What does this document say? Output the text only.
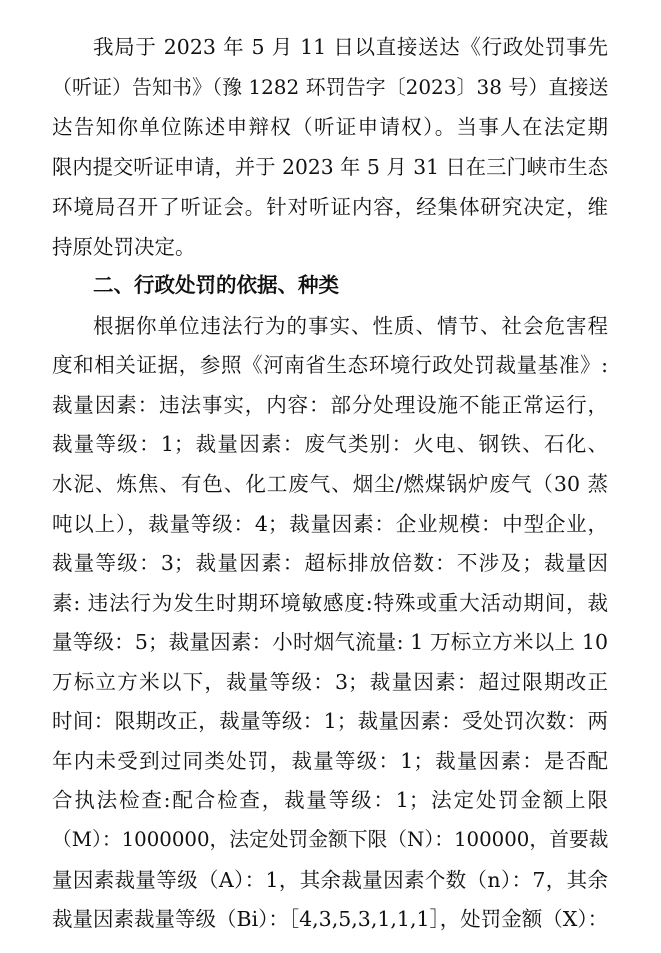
我局于 2023 年 5 月 11 日以直接送达《行政处罚事先
（听证）告知书》（豫 1282 环罚告字〔2023〕38 号）直接送
达告知你单位陈述申辩权（听证申请权）。当事人在法定期
限内提交听证申请，并于 2023 年 5 月 31 日在三门峡市生态
环境局召开了听证会。针对听证内容，经集体研究决定，维
持原处罚决定。
二、行政处罚的依据、种类
根据你单位违法行为的事实、性质、情节、社会危害程
度和相关证据，参照《河南省生态环境行政处罚裁量基准》:
裁量因素：违法事实，内容：部分处理设施不能正常运行，
裁量等级：1；裁量因素：废气类别：火电、钢铁、石化、
水泥、炼焦、有色、化工废气、烟尘/燃煤锅炉废气（30 蒸
吨以上），裁量等级：4；裁量因素：企业规模：中型企业，
裁量等级：3；裁量因素：超标排放倍数：不涉及；裁量因
素: 违法行为发生时期环境敏感度:特殊或重大活动期间，裁
量等级：5；裁量因素：小时烟气流量: 1 万标立方米以上 10
万标立方米以下，裁量等级：3；裁量因素：超过限期改正
时间：限期改正，裁量等级：1；裁量因素：受处罚次数：两
年内未受到过同类处罚，裁量等级：1；裁量因素：是否配
合执法检查:配合检查，裁量等级：1；法定处罚金额上限
（M）：1000000，法定处罚金额下限（N）：100000，首要裁
量因素裁量等级（A）：1，其余裁量因素个数（n）：7，其余
裁量因素裁量等级（Bi）：［4,3,5,3,1,1,1］，处罚金额（X）：
